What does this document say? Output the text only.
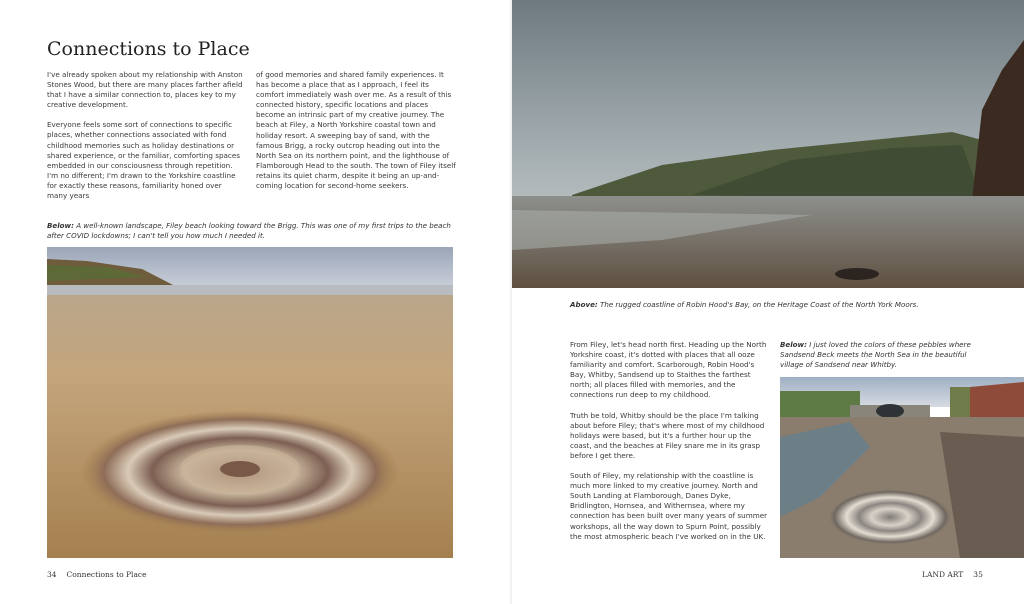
Connections to Place

I've already spoken about my relationship with Anston Stones Wood, but there are many places farther afield that I have a similar connection to, places key to my creative development.

Everyone feels some sort of connections to specific places, whether connections associated with fond childhood memories such as holiday destinations or shared experience, or the familiar, comforting spaces embedded in our consciousness through repetition. I'm no different; I'm drawn to the Yorkshire coastline for exactly these reasons, familiarity honed over many years

of good memories and shared family experiences. It has become a place that as I approach, I feel its comfort immediately wash over me. As a result of this connected history, specific locations and places become an intrinsic part of my creative journey. The beach at Filey, a North Yorkshire coastal town and holiday resort. A sweeping bay of sand, with the famous Brigg, a rocky outcrop heading out into the North Sea on its northern point, and the lighthouse of Flamborough Head to the south. The town of Filey itself retains its quiet charm, despite it being an up-and-coming location for second-home seekers.

Below: A well-known landscape, Filey beach looking toward the Brigg. This was one of my first trips to the beach after COVID lockdowns; I can't tell you how much I needed it.
34 Connections to Place
Above: The rugged coastline of Robin Hood's Bay, on the Heritage Coast of the North York Moors.

From Filey, let's head north first. Heading up the North Yorkshire coast, it's dotted with places that all ooze familiarity and comfort. Scarborough, Robin Hood's Bay, Whitby, Sandsend up to Staithes the farthest north; all places filled with memories, and the connections run deep to my childhood.

Truth be told, Whitby should be the place I'm talking about before Filey; that's where most of my childhood holidays were based, but it's a further hour up the coast, and the beaches at Filey snare me in its grasp before I get there.

South of Filey, my relationship with the coastline is much more linked to my creative journey. North and South Landing at Flamborough, Danes Dyke, Bridlington, Hornsea, and Withernsea, where my connection has been built over many years of summer workshops, all the way down to Spurn Point, possibly the most atmospheric beach I've worked on in the UK.

Below: I just loved the colors of these pebbles where Sandsend Beck meets the North Sea in the beautiful village of Sandsend near Whitby.
LAND ART 35
